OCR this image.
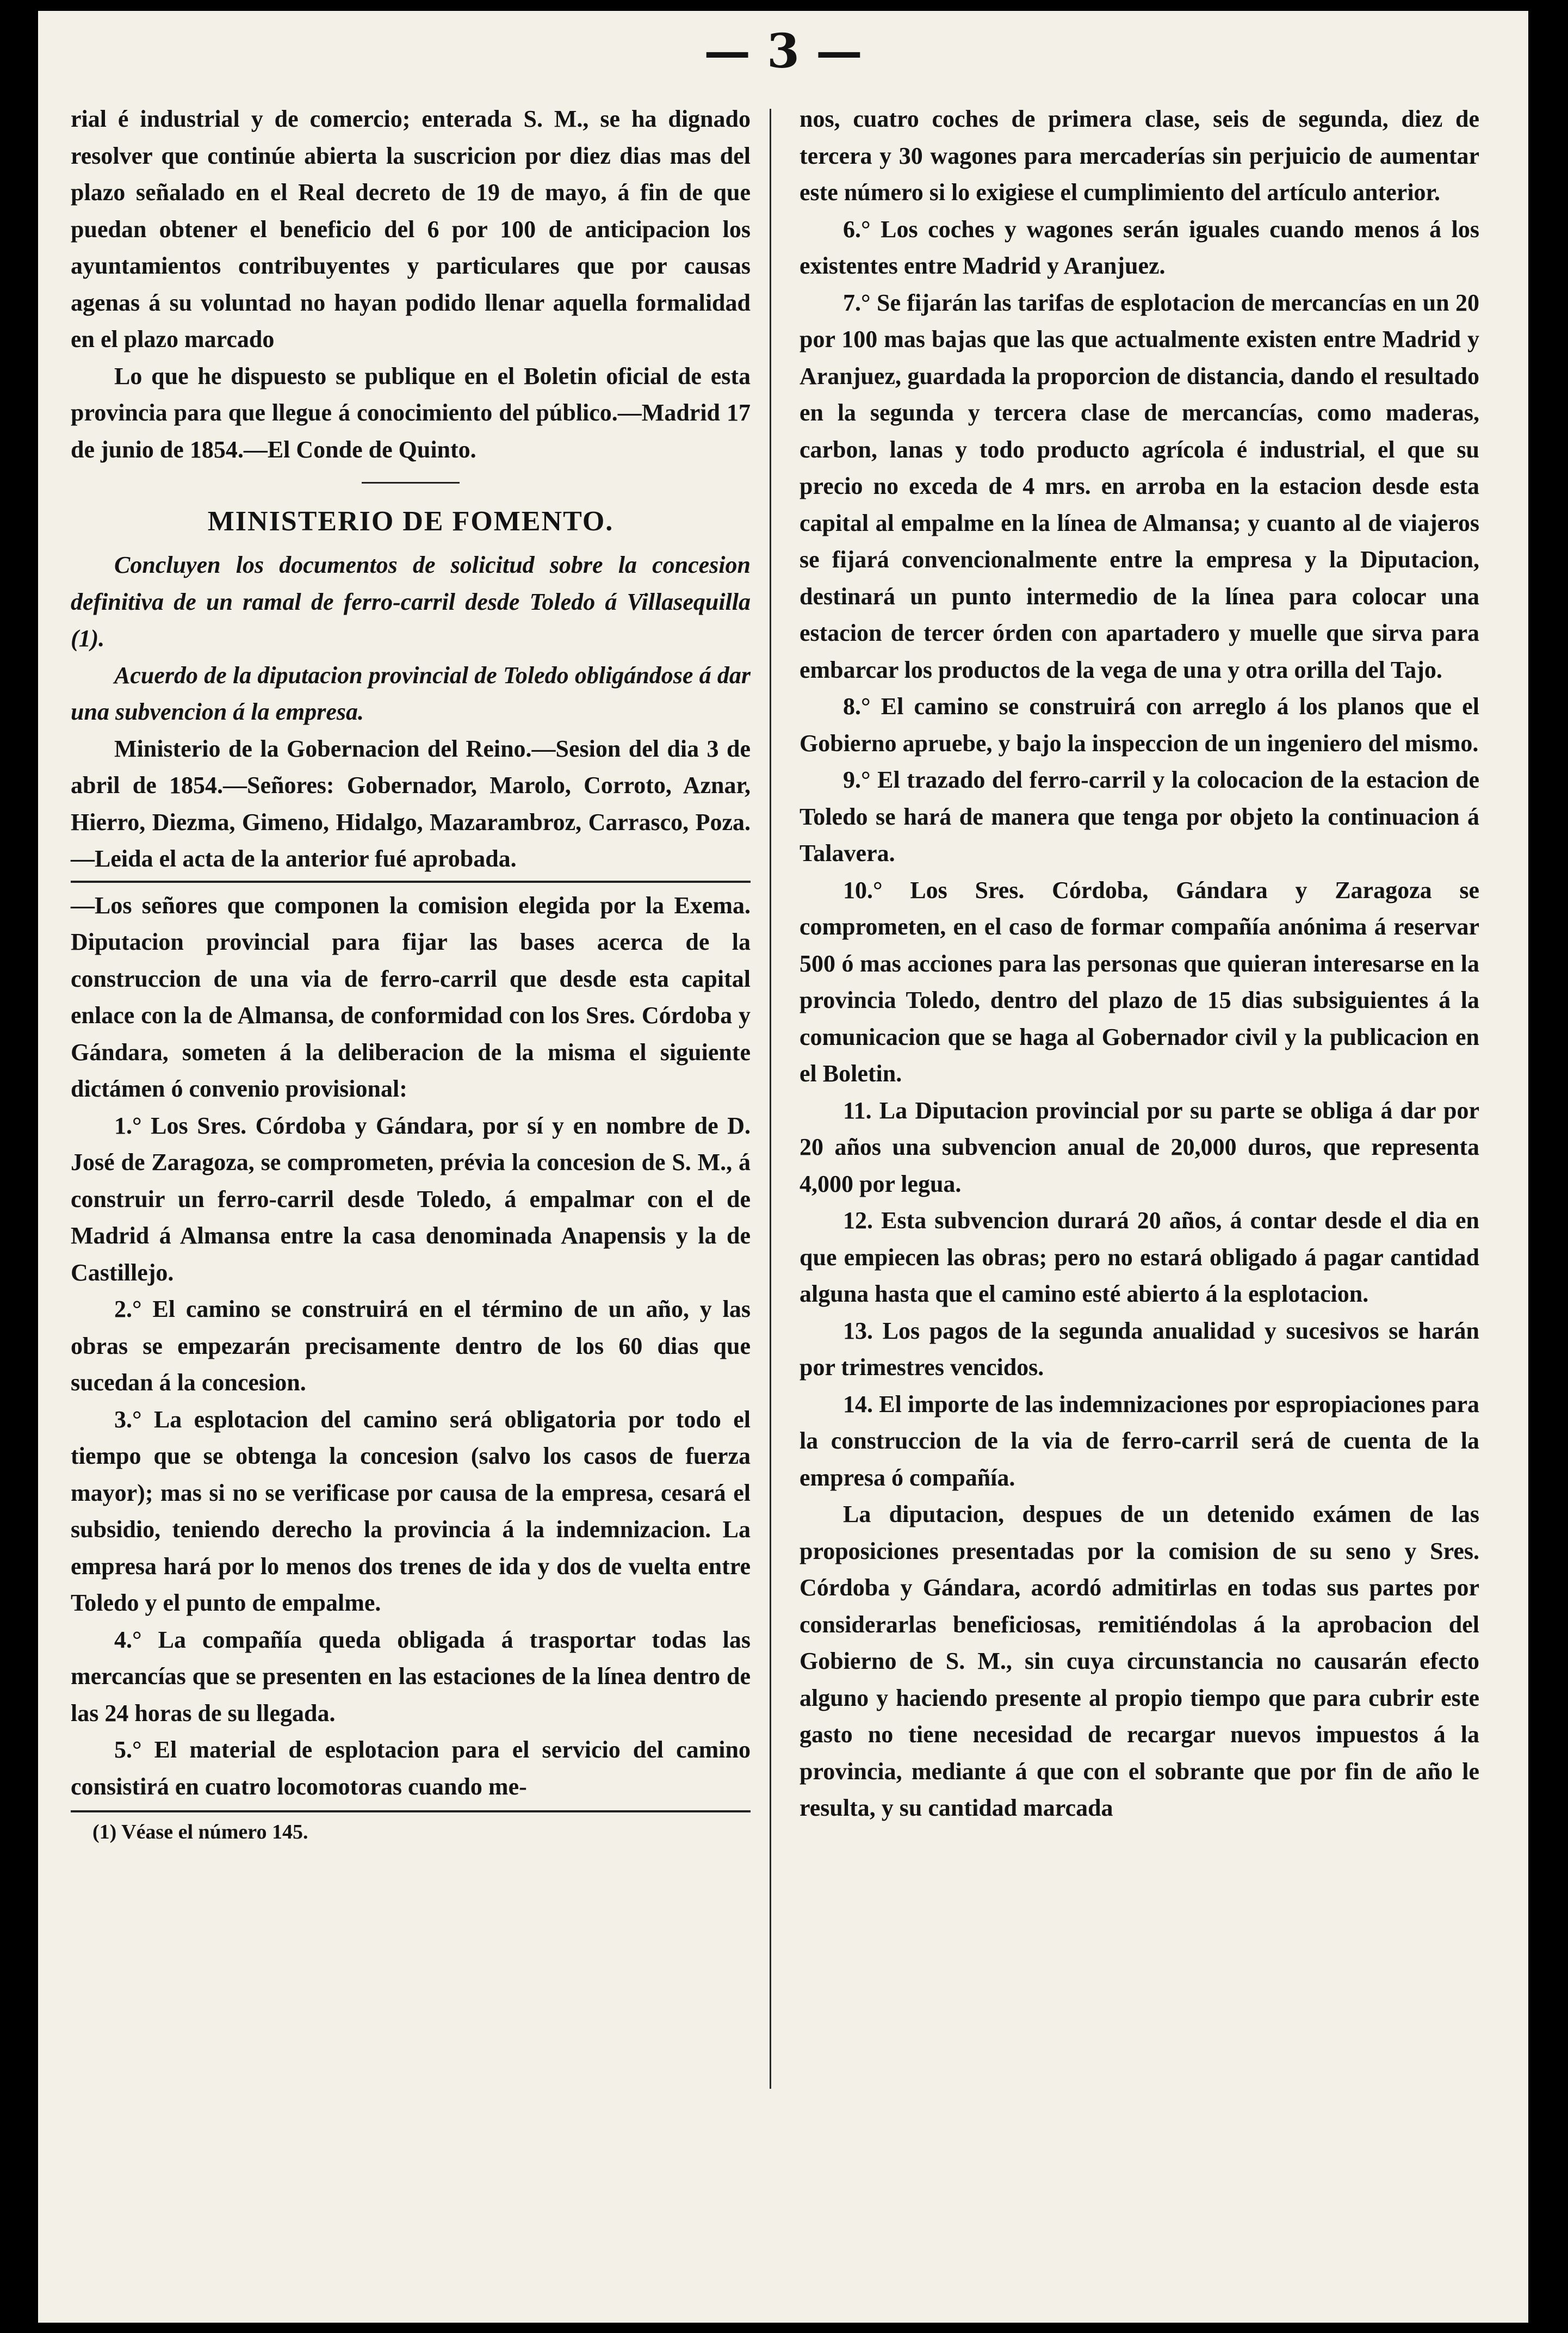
— 3 —

rial é industrial y de comercio; enterada S. M., se ha dignado resolver que continúe abierta la suscricion por diez dias mas del plazo señalado en el Real decreto de 19 de mayo, á fin de que puedan obtener el beneficio del 6 por 100 de anticipacion los ayuntamientos contribuyentes y particulares que por causas agenas á su voluntad no hayan podido llenar aquella formalidad en el plazo marcado

Lo que he dispuesto se publique en el Boletin oficial de esta provincia para que llegue á conocimiento del público.—Madrid 17 de junio de 1854.—El Conde de Quinto.

MINISTERIO DE FOMENTO.

Concluyen los documentos de solicitud sobre la concesion definitiva de un ramal de ferro-carril desde Toledo á Villasequilla (1).

Acuerdo de la diputacion provincial de Toledo obligándose á dar una subvencion á la empresa.

Ministerio de la Gobernacion del Reino.—Sesion del dia 3 de abril de 1854.—Señores: Gobernador, Marolo, Corroto, Aznar, Hierro, Diezma, Gimeno, Hidalgo, Mazarambroz, Carrasco, Poza.—Leida el acta de la anterior fué aprobada.

—Los señores que componen la comision elegida por la Exema. Diputacion provincial para fijar las bases acerca de la construccion de una via de ferro-carril que desde esta capital enlace con la de Almansa, de conformidad con los Sres. Córdoba y Gándara, someten á la deliberacion de la misma el siguiente dictámen ó convenio provisional:

1.° Los Sres. Córdoba y Gándara, por sí y en nombre de D. José de Zaragoza, se comprometen, prévia la concesion de S. M., á construir un ferro-carril desde Toledo, á empalmar con el de Madrid á Almansa entre la casa denominada Anapensis y la de Castillejo.

2.° El camino se construirá en el término de un año, y las obras se empezarán precisamente dentro de los 60 dias que sucedan á la concesion.

3.° La esplotacion del camino será obligatoria por todo el tiempo que se obtenga la concesion (salvo los casos de fuerza mayor); mas si no se verificase por causa de la empresa, cesará el subsidio, teniendo derecho la provincia á la indemnizacion. La empresa hará por lo menos dos trenes de ida y dos de vuelta entre Toledo y el punto de empalme.

4.° La compañía queda obligada á trasportar todas las mercancías que se presenten en las estaciones de la línea dentro de las 24 horas de su llegada.

5.° El material de esplotacion para el servicio del camino consistirá en cuatro locomotoras cuando me-

(1) Véase el número 145.

nos, cuatro coches de primera clase, seis de segunda, diez de tercera y 30 wagones para mercaderías sin perjuicio de aumentar este número si lo exigiese el cumplimiento del artículo anterior.

6.° Los coches y wagones serán iguales cuando menos á los existentes entre Madrid y Aranjuez.

7.° Se fijarán las tarifas de esplotacion de mercancías en un 20 por 100 mas bajas que las que actualmente existen entre Madrid y Aranjuez, guardada la proporcion de distancia, dando el resultado en la segunda y tercera clase de mercancías, como maderas, carbon, lanas y todo producto agrícola é industrial, el que su precio no exceda de 4 mrs. en arroba en la estacion desde esta capital al empalme en la línea de Almansa; y cuanto al de viajeros se fijará convencionalmente entre la empresa y la Diputacion, destinará un punto intermedio de la línea para colocar una estacion de tercer órden con apartadero y muelle que sirva para embarcar los productos de la vega de una y otra orilla del Tajo.

8.° El camino se construirá con arreglo á los planos que el Gobierno apruebe, y bajo la inspeccion de un ingeniero del mismo.

9.° El trazado del ferro-carril y la colocacion de la estacion de Toledo se hará de manera que tenga por objeto la continuacion á Talavera.

10.° Los Sres. Córdoba, Gándara y Zaragoza se comprometen, en el caso de formar compañía anónima á reservar 500 ó mas acciones para las personas que quieran interesarse en la provincia Toledo, dentro del plazo de 15 dias subsiguientes á la comunicacion que se haga al Gobernador civil y la publicacion en el Boletin.

11. La Diputacion provincial por su parte se obliga á dar por 20 años una subvencion anual de 20,000 duros, que representa 4,000 por legua.

12. Esta subvencion durará 20 años, á contar desde el dia en que empiecen las obras; pero no estará obligado á pagar cantidad alguna hasta que el camino esté abierto á la esplotacion.

13. Los pagos de la segunda anualidad y sucesivos se harán por trimestres vencidos.

14. El importe de las indemnizaciones por espropiaciones para la construccion de la via de ferro-carril será de cuenta de la empresa ó compañía.

La diputacion, despues de un detenido exámen de las proposiciones presentadas por la comision de su seno y Sres. Córdoba y Gándara, acordó admitirlas en todas sus partes por considerarlas beneficiosas, remitiéndolas á la aprobacion del Gobierno de S. M., sin cuya circunstancia no causarán efecto alguno y haciendo presente al propio tiempo que para cubrir este gasto no tiene necesidad de recargar nuevos impuestos á la provincia, mediante á que con el sobrante que por fin de año le resulta, y su cantidad marcada
